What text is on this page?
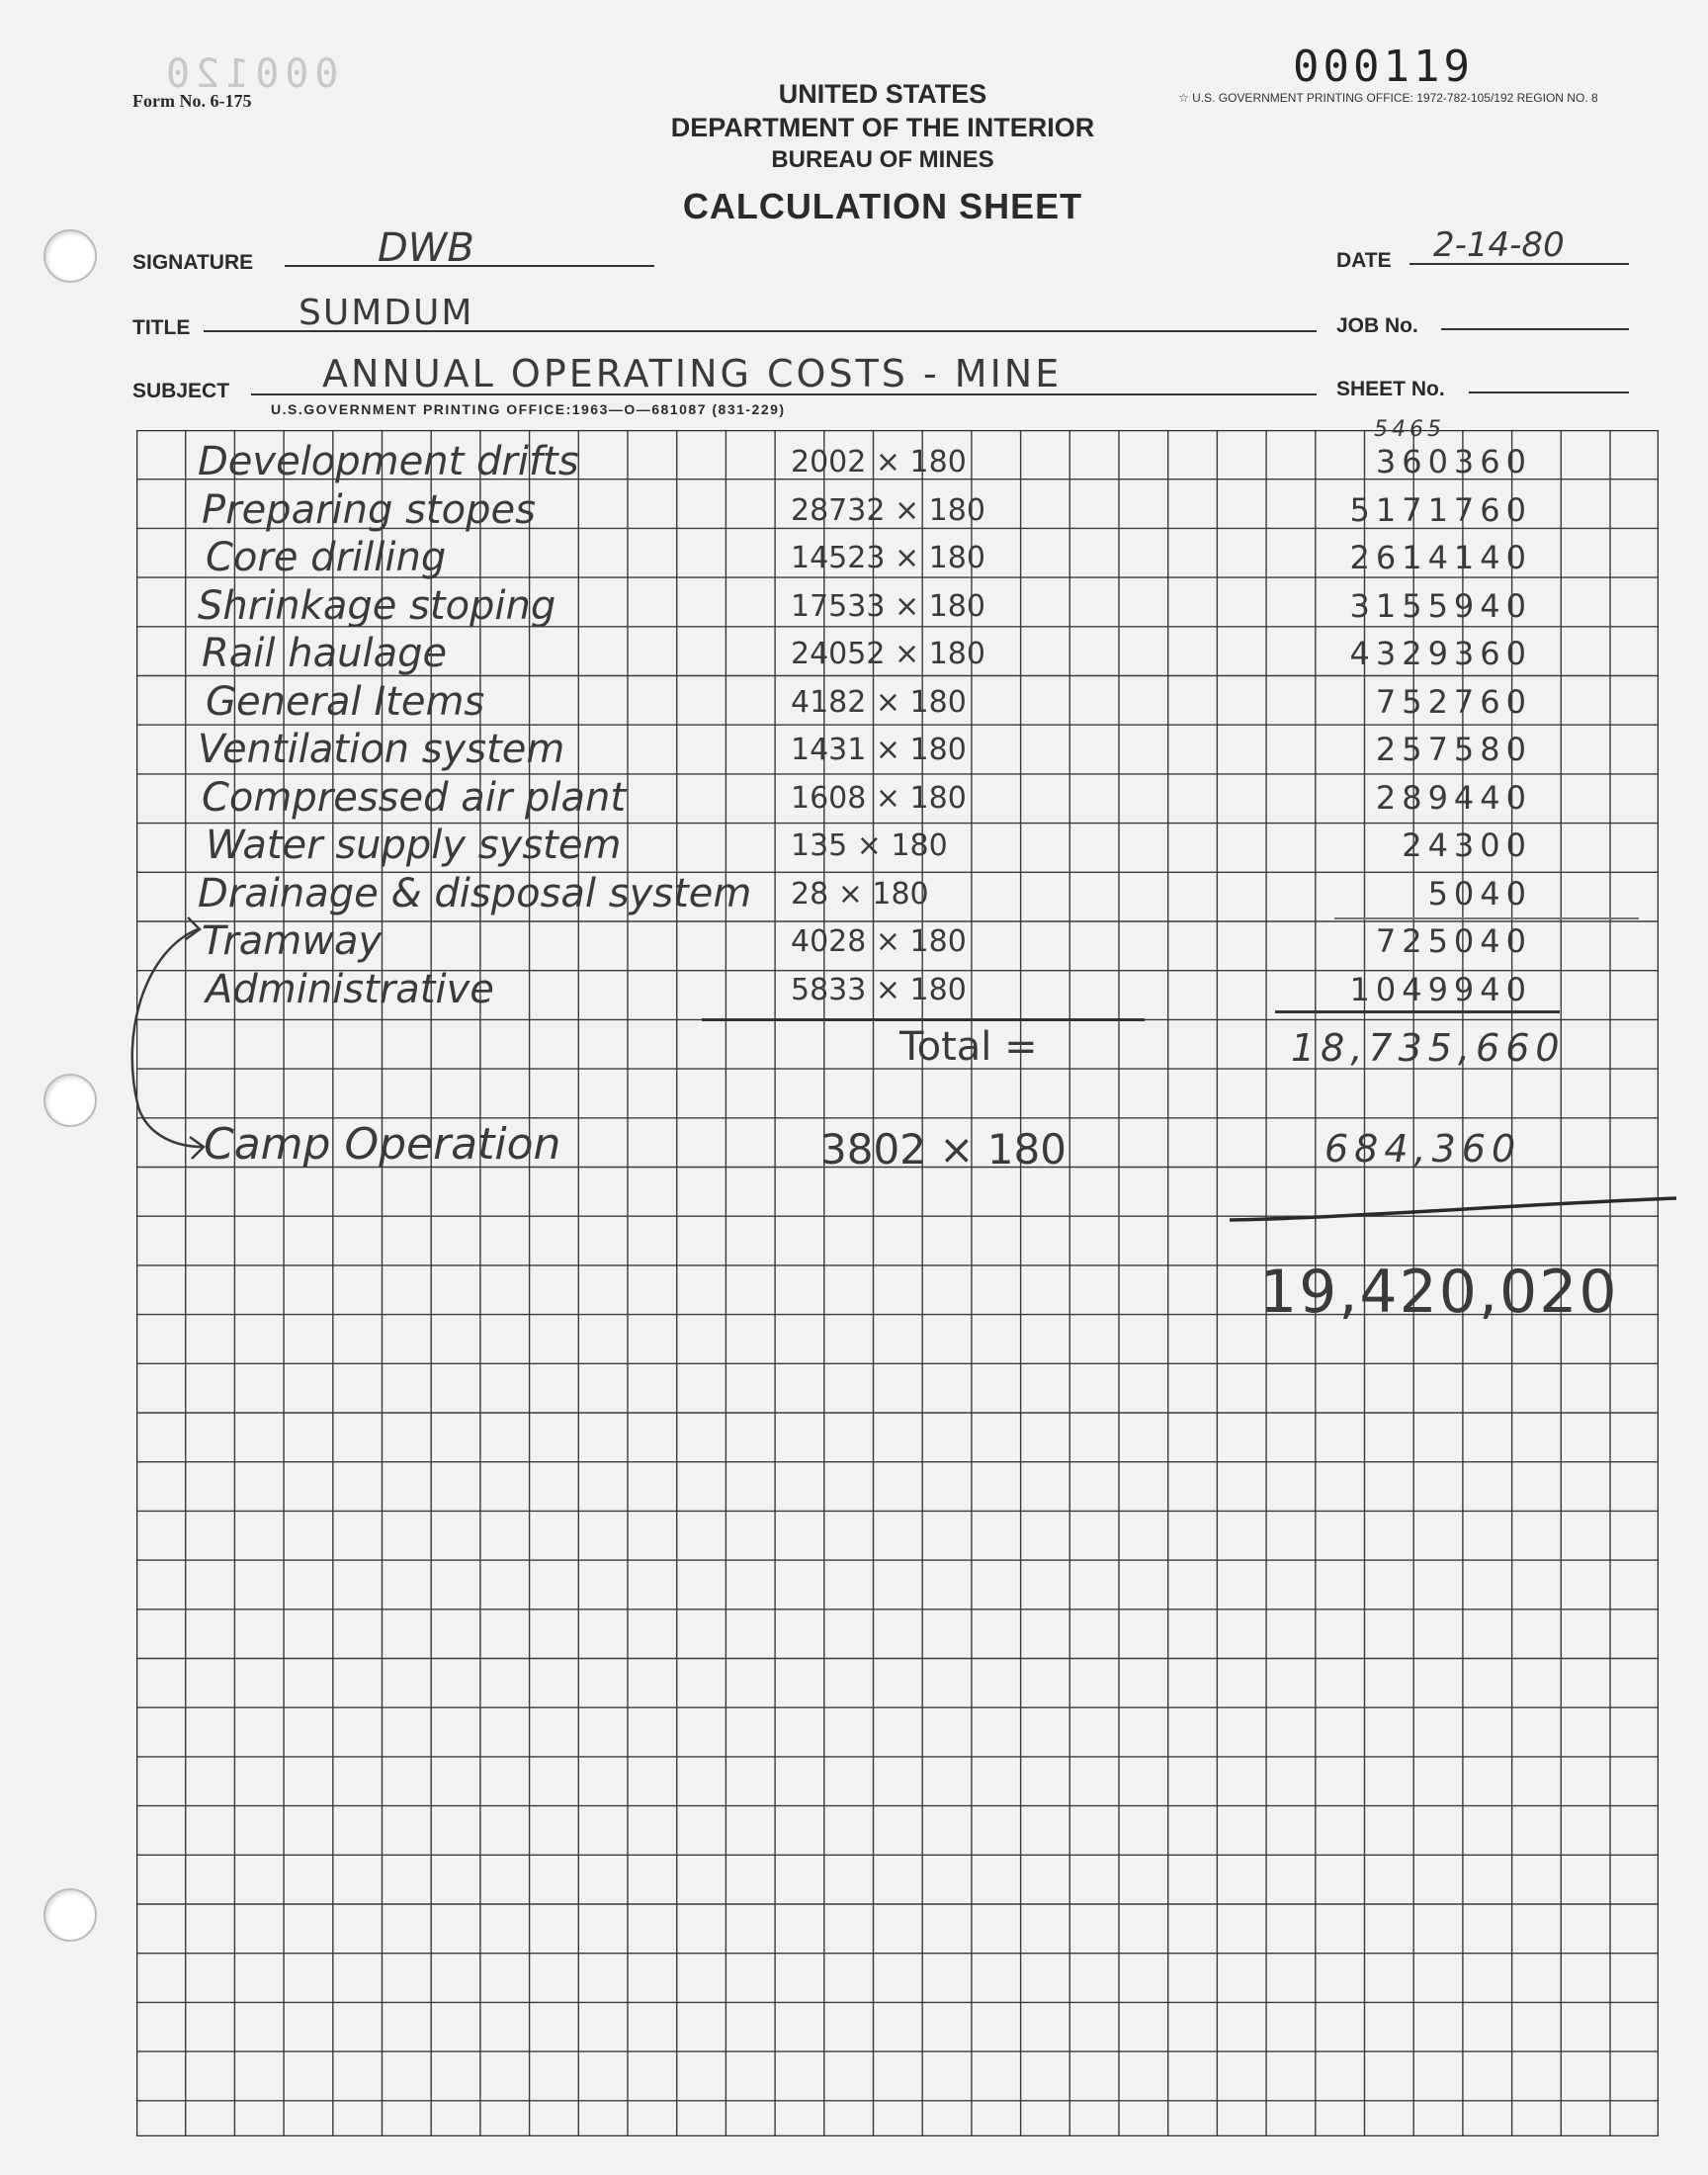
000120
Form No. 6-175
000119
☆ U.S. GOVERNMENT PRINTING OFFICE: 1972-782-105/192 REGION NO. 8
UNITED STATES
DEPARTMENT OF THE INTERIOR
BUREAU OF MINES
CALCULATION SHEET
SIGNATURE	DWB	DATE 2-14-80
TITLE	SUMDUM	JOB No.
SUBJECT ANNUAL OPERATING COSTS - MINE	SHEET No.
U.S.GOVERNMENT PRINTING OFFICE:1963—O—681087 (831-229)
5465
Development drifts	2002 × 180	360360
Preparing stopes	28732 × 180	5171760
Core drilling	14523 × 180	2614140
Shrinkage stoping	17533 × 180	3155940
Rail haulage	24052 × 180	4329360
General Items	4182 × 180	752760
Ventilation system	1431 × 180	257580
Compressed air plant	1608 × 180	289440
Water supply system	135 × 180	24300
Drainage & disposal system 28 × 180	5040
Tramway	4028 × 180	725040
Administrative	5833 × 180	1049940
Total =	18,735,660
Camp Operation	3802 × 180	684,360
19,420,020
